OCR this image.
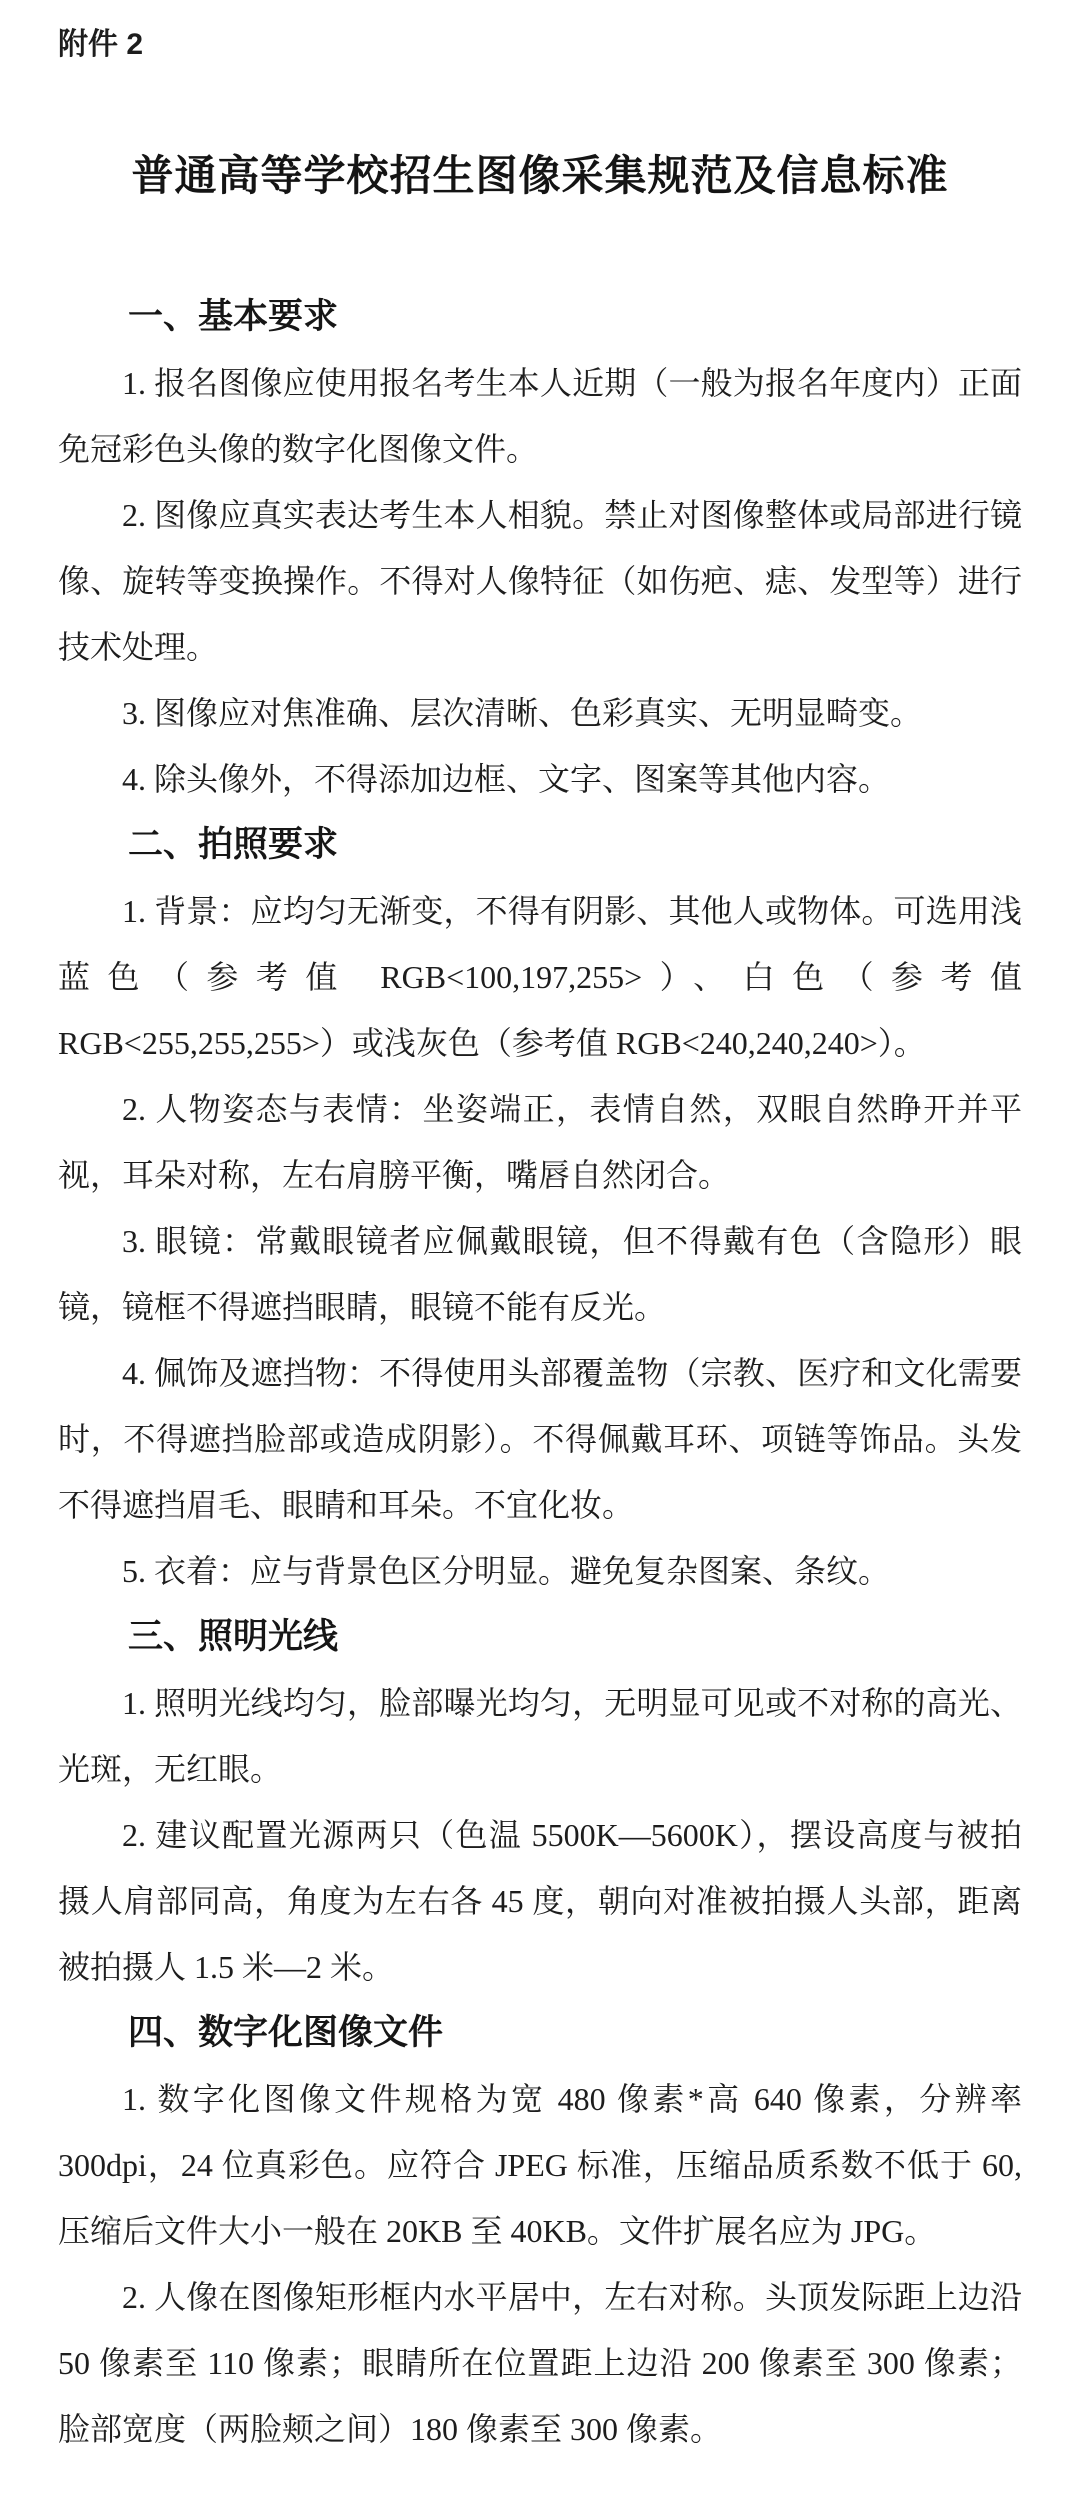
附件 2
普通高等学校招生图像采集规范及信息标准
一、基本要求

1. 报名图像应使用报名考生本人近期（一般为报名年度内）正面免冠彩色头像的数字化图像文件。

2. 图像应真实表达考生本人相貌。禁止对图像整体或局部进行镜像、旋转等变换操作。不得对人像特征（如伤疤、痣、发型等）进行技术处理。

3. 图像应对焦准确、层次清晰、色彩真实、无明显畸变。

4. 除头像外，不得添加边框、文字、图案等其他内容。

二、拍照要求

1. 背景：应均匀无渐变，不得有阴影、其他人或物体。可选用浅蓝色（参考值 RGB<100,197,255>）、白色（参考值 RGB<255,255,255>）或浅灰色（参考值 RGB<240,240,240>）。

2. 人物姿态与表情：坐姿端正，表情自然，双眼自然睁开并平视，耳朵对称，左右肩膀平衡，嘴唇自然闭合。

3. 眼镜：常戴眼镜者应佩戴眼镜，但不得戴有色（含隐形）眼镜，镜框不得遮挡眼睛，眼镜不能有反光。

4. 佩饰及遮挡物：不得使用头部覆盖物（宗教、医疗和文化需要时，不得遮挡脸部或造成阴影）。不得佩戴耳环、项链等饰品。头发不得遮挡眉毛、眼睛和耳朵。不宜化妆。

5. 衣着：应与背景色区分明显。避免复杂图案、条纹。

三、照明光线

1. 照明光线均匀，脸部曝光均匀，无明显可见或不对称的高光、光斑，无红眼。

2. 建议配置光源两只（色温 5500K—5600K），摆设高度与被拍摄人肩部同高，角度为左右各 45 度，朝向对准被拍摄人头部，距离被拍摄人 1.5 米—2 米。

四、数字化图像文件

1. 数字化图像文件规格为宽 480 像素*高 640 像素，分辨率 300dpi，24 位真彩色。应符合 JPEG 标准，压缩品质系数不低于 60,压缩后文件大小一般在 20KB 至 40KB。文件扩展名应为 JPG。

2. 人像在图像矩形框内水平居中，左右对称。头顶发际距上边沿 50 像素至 110 像素；眼睛所在位置距上边沿 200 像素至 300 像素；脸部宽度（两脸颊之间）180 像素至 300 像素。
